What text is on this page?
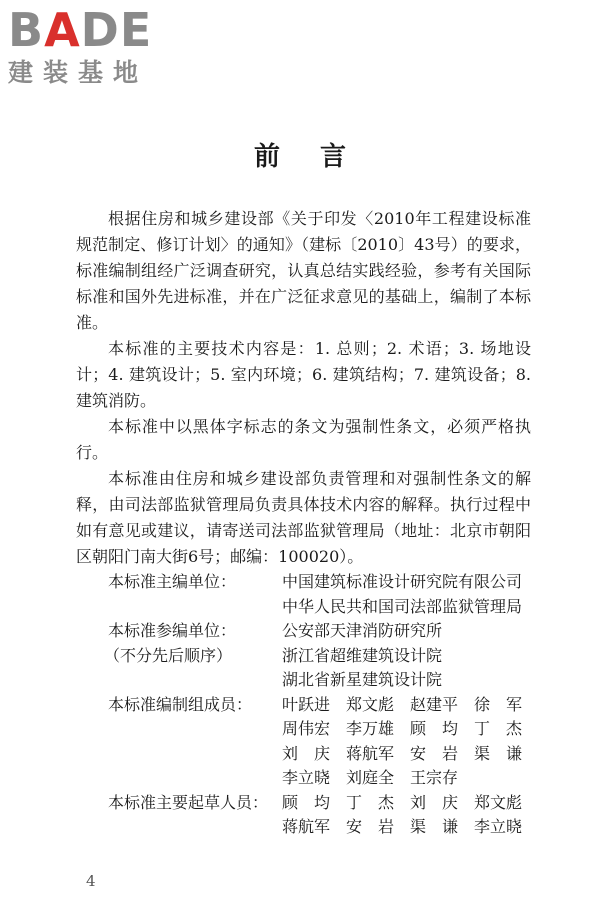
BADE
建装基地
前言

根据住房和城乡建设部《关于印发〈2010年工程建设标准规范制定、修订计划〉的通知》（建标〔2010〕43号）的要求，标准编制组经广泛调查研究，认真总结实践经验，参考有关国际标准和国外先进标准，并在广泛征求意见的基础上，编制了本标准。

本标准的主要技术内容是：1. 总则；2. 术语；3. 场地设计；4. 建筑设计；5. 室内环境；6. 建筑结构；7. 建筑设备；8. 建筑消防。

本标准中以黑体字标志的条文为强制性条文，必须严格执行。

本标准由住房和城乡建设部负责管理和对强制性条文的解释，由司法部监狱管理局负责具体技术内容的解释。执行过程中如有意见或建议，请寄送司法部监狱管理局（地址：北京市朝阳区朝阳门南大街6号；邮编：100020）。

本标准主编单位：	中国建筑标准设计研究院有限公司
中华人民共和国司法部监狱管理局
本标准参编单位：	公安部天津消防研究所
（不分先后顺序）	浙江省超维建筑设计院
湖北省新星建筑设计院
本标准编制组成员：	叶跃进 郑文彪 赵建平 徐　军
周伟宏 李万雄 顾　均 丁　杰
刘　庆 蒋航军 安　岩 渠　谦
李立晓 刘庭全 王宗存
本标准主要起草人员： 顾　均 丁　杰 刘　庆 郑文彪
蒋航军 安　岩 渠　谦 李立晓
4
